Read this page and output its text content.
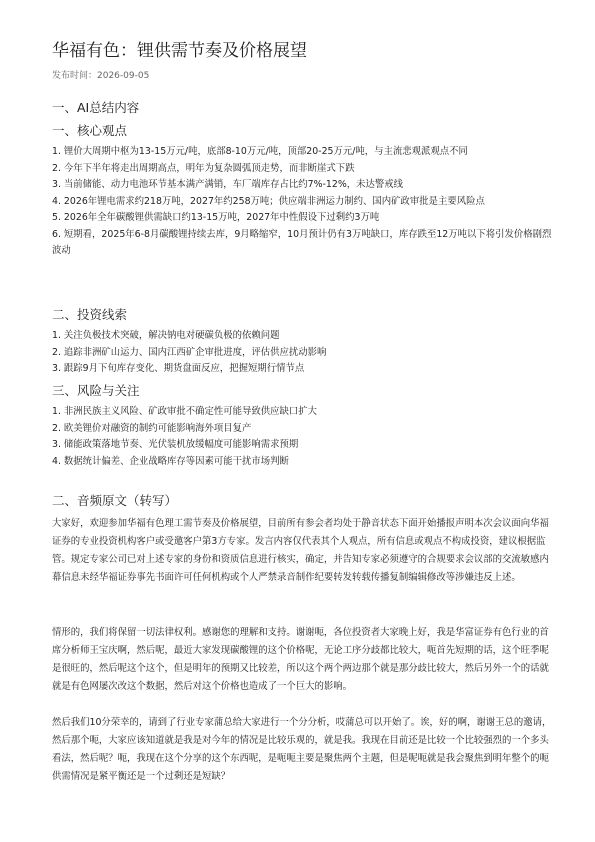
华福有色：锂供需节奏及价格展望
发布时间：2026-09-05
一、AI总结内容
一、核心观点
1. 锂价大周期中枢为13-15万元/吨，底部8-10万元/吨，顶部20-25万元/吨，与主流悲观派观点不同
2. 今年下半年将走出周期高点，明年为复杂圆弧顶走势，而非断崖式下跌
3. 当前储能、动力电池环节基本满产满销，车厂端库存占比约7%-12%，未达警戒线
4. 2026年锂电需求约218万吨，2027年约258万吨；供应端非洲运力制约、国内矿政审批是主要风险点
5. 2026年全年碳酸锂供需缺口约13-15万吨，2027年中性假设下过剩约3万吨
6. 短期看，2025年6-8月碳酸锂持续去库，9月略缩窄，10月预计仍有3万吨缺口，库存跌至12万吨以下将引发价格剧烈波动
二、投资线索
1. 关注负极技术突破，解决钠电对硬碳负极的依赖问题
2. 追踪非洲矿山运力、国内江西矿企审批进度，评估供应扰动影响
3. 跟踪9月下旬库存变化、期货盘面反应，把握短期行情节点
三、风险与关注
1. 非洲民族主义风险、矿政审批不确定性可能导致供应缺口扩大
2. 欧美锂价对融资的制约可能影响海外项目复产
3. 储能政策落地节奏、光伏装机放缓幅度可能影响需求预期
4. 数据统计偏差、企业战略库存等因素可能干扰市场判断
二、音频原文（转写）

大家好，欢迎参加华福有色理工需节奏及价格展望，目前所有参会者均处于静音状态下面开始播报声明本次会议面向华福证券的专业投资机构客户或受邀客户第3方专家。发言内容仅代表其个人观点，所有信息或观点不构成投资，建议根据监管。规定专家公司已对上述专家的身份和资质信息进行核实，确定，并告知专家必须遵守的合规要求会议部的交流敏感内幕信息未经华福证券事先书面许可任何机构或个人严禁录音制作纪要转发转载传播复制编辑修改等涉嫌违反上述。

情形的，我们将保留一切法律权利。感谢您的理解和支持。谢谢呃，各位投资者大家晚上好，我是华富证券有色行业的首席分析师王宝庆啊，然后呢，最近大家发现碳酸锂的这个价格呢，无论工序分歧都比较大，呃首先短期的话，这个旺季呢是很旺的，然后呢这个这个，但是明年的预期又比较差，所以这个两个两边那个就是那分歧比较大，然后另外一个的话就就是有色网屡次改这个数据，然后对这个价格也造成了一个巨大的影响。

然后我们10分荣幸的，请到了行业专家蒲总给大家进行一个分分析，哎蒲总可以开始了。诶，好的啊，谢谢王总的邀请，然后那个呃，大家应该知道就是我是对今年的情况是比较乐观的，就是我。我现在目前还是比较一个比较强烈的一个多头看法，然后呢？呃，我现在这个分享的这个东西呢，是呃呃主要是聚焦两个主题，但是呢呃就是我会聚焦到明年整个的呃供需情况是紧平衡还是一个过剩还是短缺？
